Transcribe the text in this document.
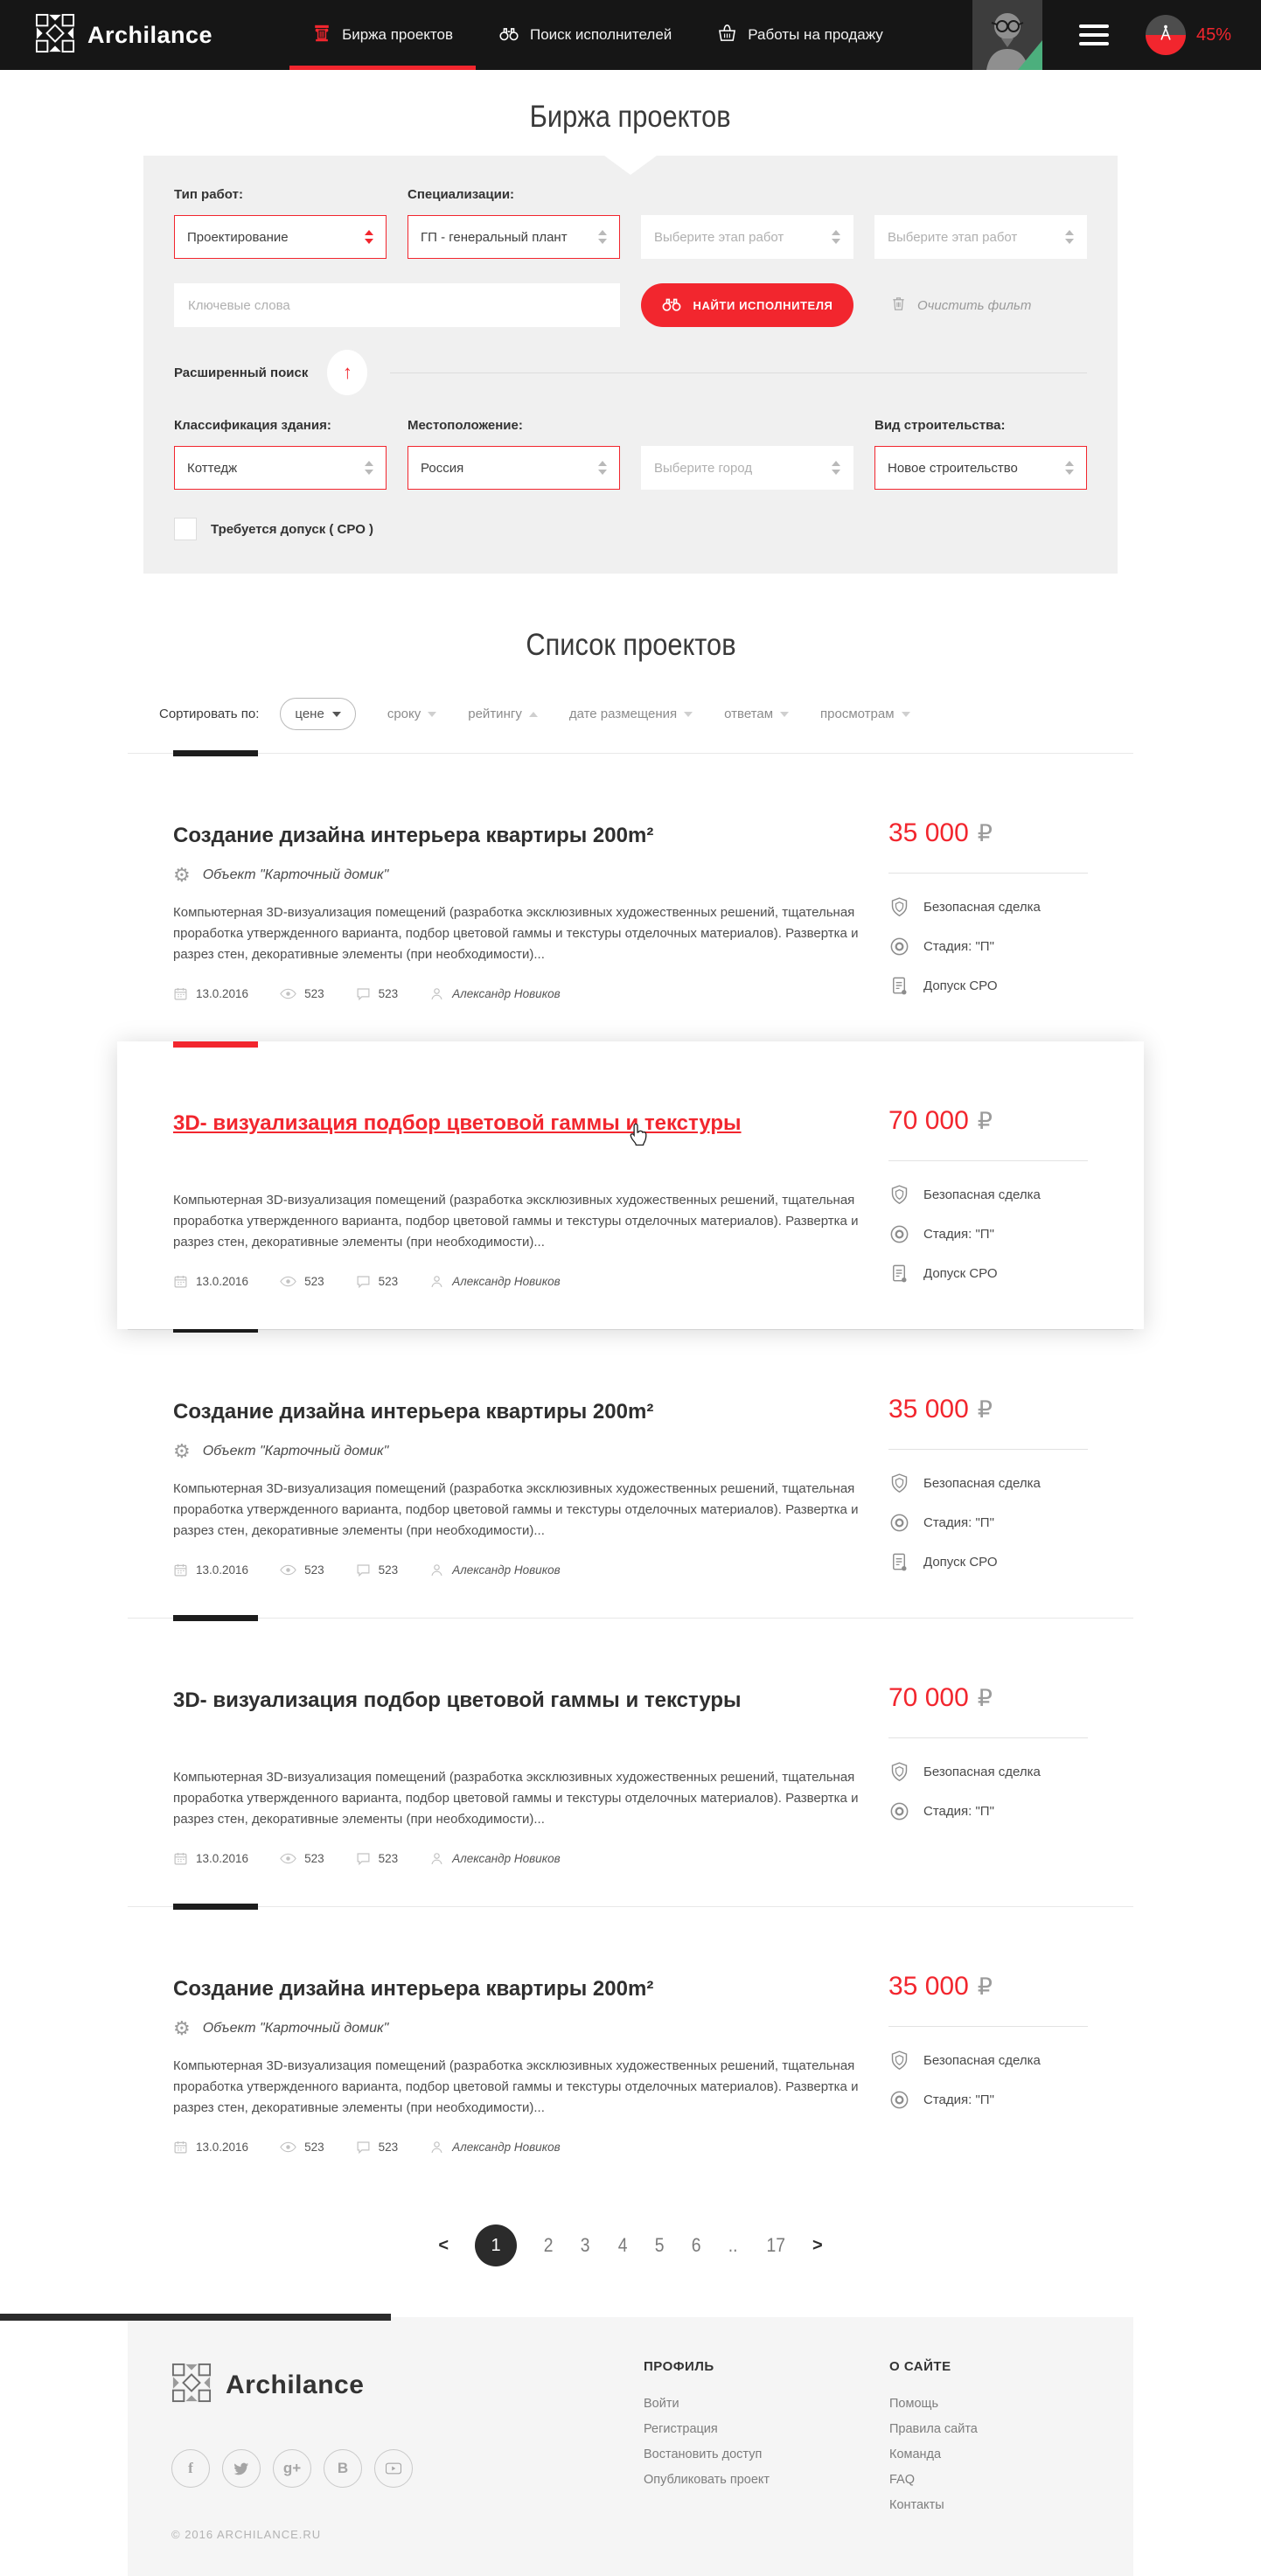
Archilance	Биржа проектов	Поиск исполнителей	Работы на продажу	45%
Биржа проектов
Тип работ:
Проектирование
Специализации:
ГП - генеральный плант	Выберите этап работ	Выберите этап работ
Ключевые слова
НАЙТИ ИСПОЛНИТЕЛЯ	Очистить фильт
Расширенный поиск ↑
Классификация здания:
Коттедж
Местоположение:
Россия	Выберите город
Вид строительства:
Новое строительство
Требуется допуск ( СРО )
Список проектов
Сортировать по:	цене	сроку	рейтингу	дате размещения	ответам	просмотрам
Создание дизайна интерьера квартиры 200m²
⚙ Объект "Карточный домик"

Компьютерная 3D-визуализация помещений (разработка эксклюзивных художественных решений, тщательная проработка утвержденного варианта, подбор цветовой гаммы и текстуры отделочных материалов). Развертка и разрез стен, декоративные элементы (при необходимости)...

13.0.2016	523	523	Александр Новиков
35 000 ₽
Безопасная сделка
Стадия: "П"
Допуск СРО
3D- визуализация подбор цветовой гаммы и текстуры

Компьютерная 3D-визуализация помещений (разработка эксклюзивных художественных решений, тщательная проработка утвержденного варианта, подбор цветовой гаммы и текстуры отделочных материалов). Развертка и разрез стен, декоративные элементы (при необходимости)...

13.0.2016	523	523	Александр Новиков
70 000 ₽
Безопасная сделка
Стадия: "П"
Допуск СРО
Создание дизайна интерьера квартиры 200m²
⚙ Объект "Карточный домик"

Компьютерная 3D-визуализация помещений (разработка эксклюзивных художественных решений, тщательная проработка утвержденного варианта, подбор цветовой гаммы и текстуры отделочных материалов). Развертка и разрез стен, декоративные элементы (при необходимости)...

13.0.2016	523	523	Александр Новиков
35 000 ₽
Безопасная сделка
Стадия: "П"
Допуск СРО
3D- визуализация подбор цветовой гаммы и текстуры

Компьютерная 3D-визуализация помещений (разработка эксклюзивных художественных решений, тщательная проработка утвержденного варианта, подбор цветовой гаммы и текстуры отделочных материалов). Развертка и разрез стен, декоративные элементы (при необходимости)...

13.0.2016	523	523	Александр Новиков
70 000 ₽
Безопасная сделка
Стадия: "П"
Создание дизайна интерьера квартиры 200m²
⚙ Объект "Карточный домик"

Компьютерная 3D-визуализация помещений (разработка эксклюзивных художественных решений, тщательная проработка утвержденного варианта, подбор цветовой гаммы и текстуры отделочных материалов). Развертка и разрез стен, декоративные элементы (при необходимости)...

13.0.2016	523	523	Александр Новиков
35 000 ₽
Безопасная сделка
Стадия: "П"
<	1	2 3 4 5 6 .. 17 >
Archilance
f	g+ В
© 2016 ARCHILANCE.RU
ПРОФИЛЬ
Войти
Регистрация
Востановить доступ
Опубликовать проект
О САЙТЕ
Помощь
Правила сайта
Команда
FAQ
Контакты
